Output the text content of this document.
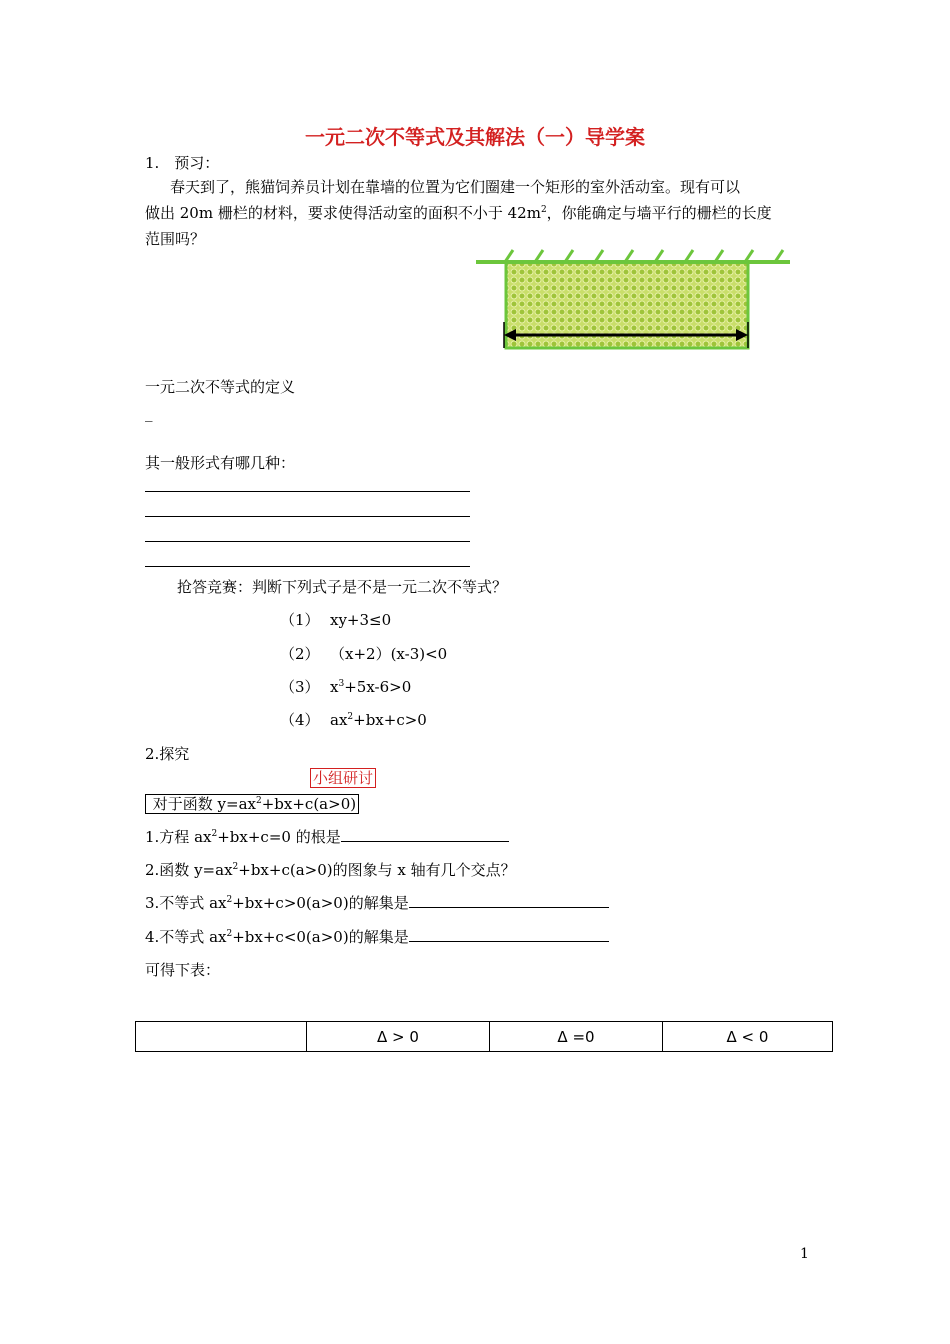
一元二次不等式及其解法（一）导学案
1.　预习：
春天到了，熊猫饲养员计划在靠墙的位置为它们圈建一个矩形的室外活动室。现有可以
做出 20m 栅栏的材料，要求使得活动室的面积不小于 $42m^2$，你能确定与墙平行的栅栏的长度
范围吗？
一元二次不等式的定义
_
其一般形式有哪几种：
抢答竞赛：判断下列式子是不是一元二次不等式？
（1） xy+3≤0
（2） （x+2）(x-3)<0
（3） $x^3+5x-6>0$
（4） $ax^2+bx+c>0$
2.探究
小组研讨
对于函数 $y=ax^2+bx+c(a>0)$
1.方程 $ax^2+bx+c=0$ 的根是
2.函数 $y=ax^2+bx+c(a>0)$的图象与 x 轴有几个交点？
3.不等式 $ax^2+bx+c>0(a>0)$的解集是
4.不等式 $ax^2+bx+c<0(a>0)$的解集是
可得下表：
	Δ > 0	Δ =0	Δ < 0
1
